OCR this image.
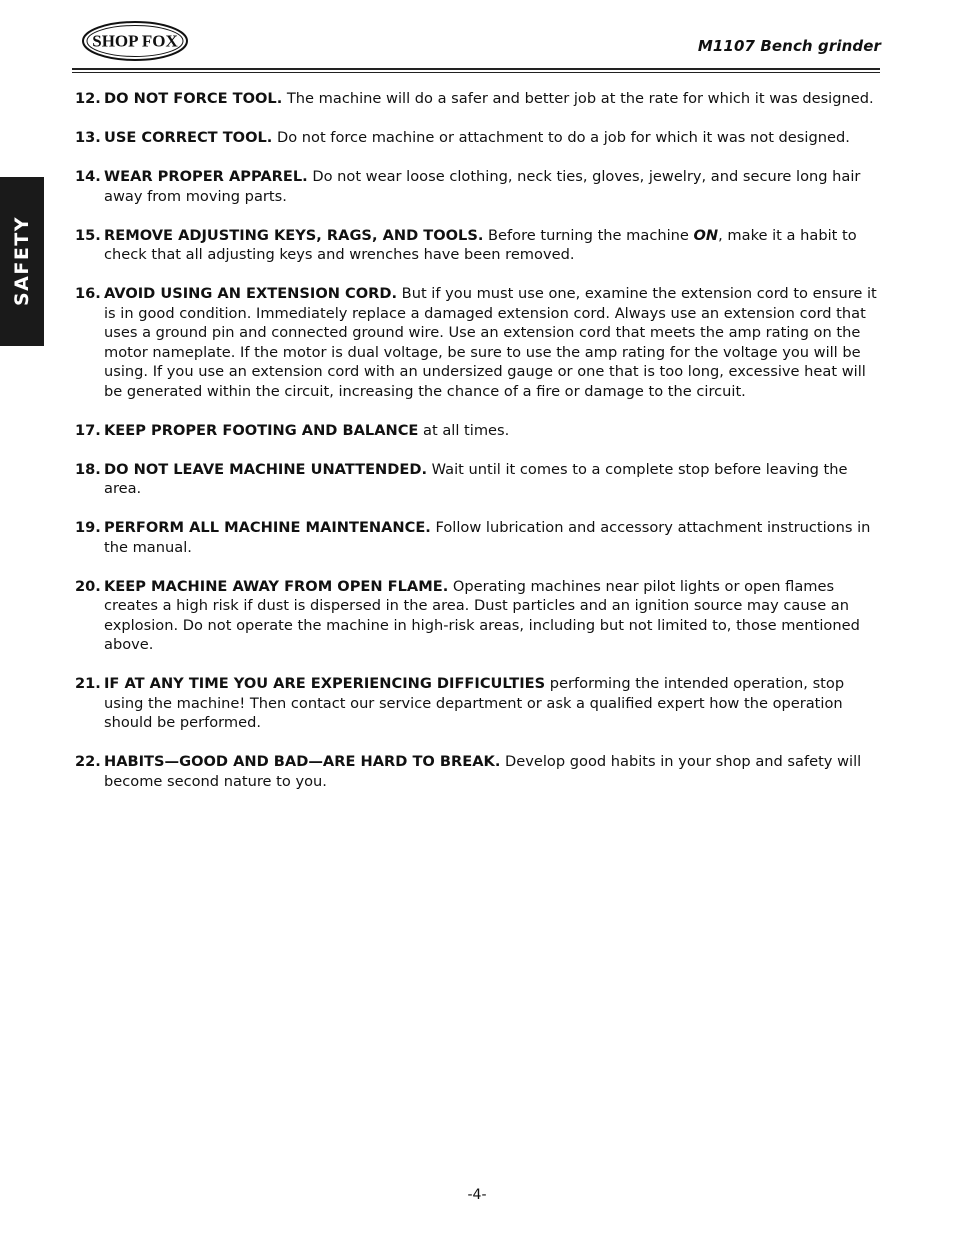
SHOP FOX	M1107 Bench grinder
SAFETY
12. DO NOT FORCE TOOL. The machine will do a safer and better job at the rate for which it was designed.
13. USE CORRECT TOOL. Do not force machine or attachment to do a job for which it was not designed.
14. WEAR PROPER APPAREL. Do not wear loose clothing, neck ties, gloves, jewelry, and secure long hair away from moving parts.
15. REMOVE ADJUSTING KEYS, RAGS, AND TOOLS. Before turning the machine ON, make it a habit to check that all adjusting keys and wrenches have been removed.
16. AVOID USING AN EXTENSION CORD. But if you must use one, examine the extension cord to ensure it is in good condition. Immediately replace a damaged extension cord. Always use an extension cord that uses a ground pin and connected ground wire. Use an extension cord that meets the amp rating on the motor nameplate. If the motor is dual voltage, be sure to use the amp rating for the voltage you will be using. If you use an extension cord with an undersized gauge or one that is too long, excessive heat will be generated within the circuit, increasing the chance of a fire or damage to the circuit.
17. KEEP PROPER FOOTING AND BALANCE at all times.
18. DO NOT LEAVE MACHINE UNATTENDED. Wait until it comes to a complete stop before leaving the area.
19. PERFORM ALL MACHINE MAINTENANCE. Follow lubrication and accessory attachment instructions in the manual.
20. KEEP MACHINE AWAY FROM OPEN FLAME. Operating machines near pilot lights or open flames creates a high risk if dust is dispersed in the area. Dust particles and an ignition source may cause an explosion. Do not operate the machine in high-risk areas, including but not limited to, those mentioned above.
21. IF AT ANY TIME YOU ARE EXPERIENCING DIFFICULTIES performing the intended operation, stop using the machine! Then contact our service department or ask a qualified expert how the operation should be performed.
22. HABITS—GOOD AND BAD—ARE HARD TO BREAK. Develop good habits in your shop and safety will become second nature to you.
-4-
